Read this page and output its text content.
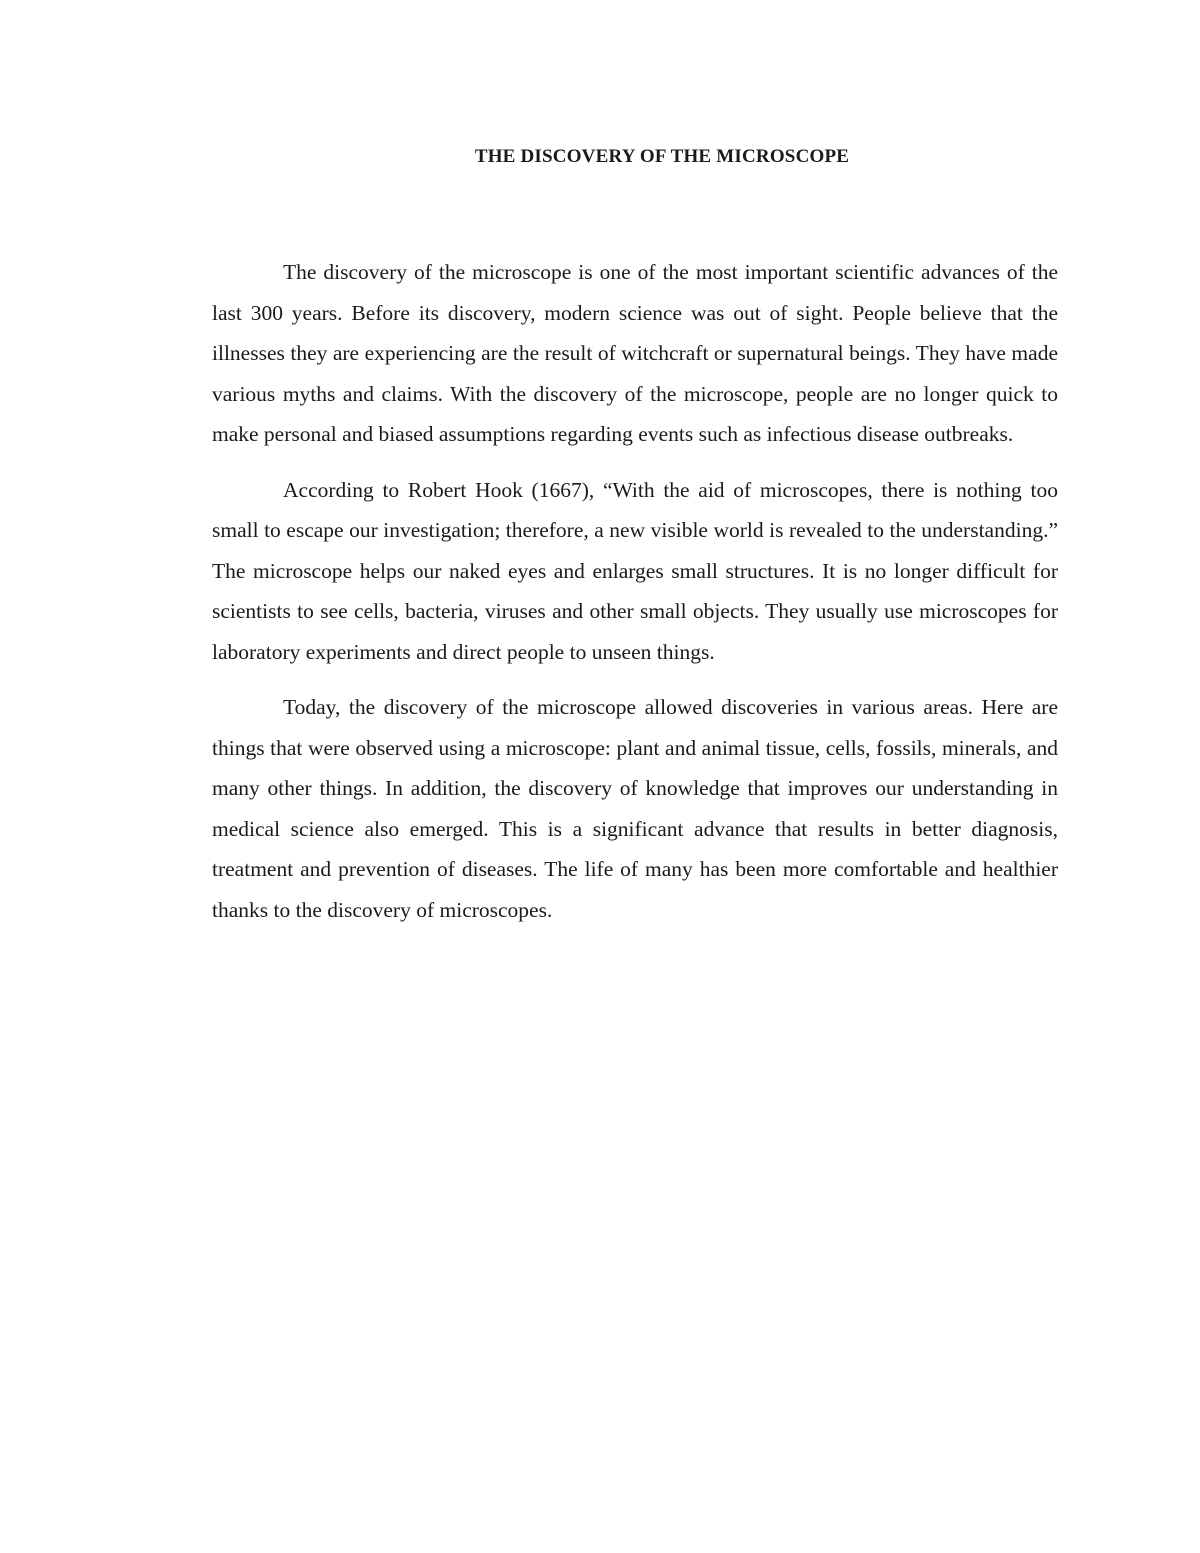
THE DISCOVERY OF THE MICROSCOPE

The discovery of the microscope is one of the most important scientific advances of the last 300 years. Before its discovery, modern science was out of sight. People believe that the illnesses they are experiencing are the result of witchcraft or supernatural beings. They have made various myths and claims. With the discovery of the microscope, people are no longer quick to make personal and biased assumptions regarding events such as infectious disease outbreaks.

According to Robert Hook (1667), “With the aid of microscopes, there is nothing too small to escape our investigation; therefore, a new visible world is revealed to the understanding.” The microscope helps our naked eyes and enlarges small structures. It is no longer difficult for scientists to see cells, bacteria, viruses and other small objects. They usually use microscopes for laboratory experiments and direct people to unseen things.

Today, the discovery of the microscope allowed discoveries in various areas. Here are things that were observed using a microscope: plant and animal tissue, cells, fossils, minerals, and many other things. In addition, the discovery of knowledge that improves our understanding in medical science also emerged. This is a significant advance that results in better diagnosis, treatment and prevention of diseases. The life of many has been more comfortable and healthier thanks to the discovery of microscopes.
